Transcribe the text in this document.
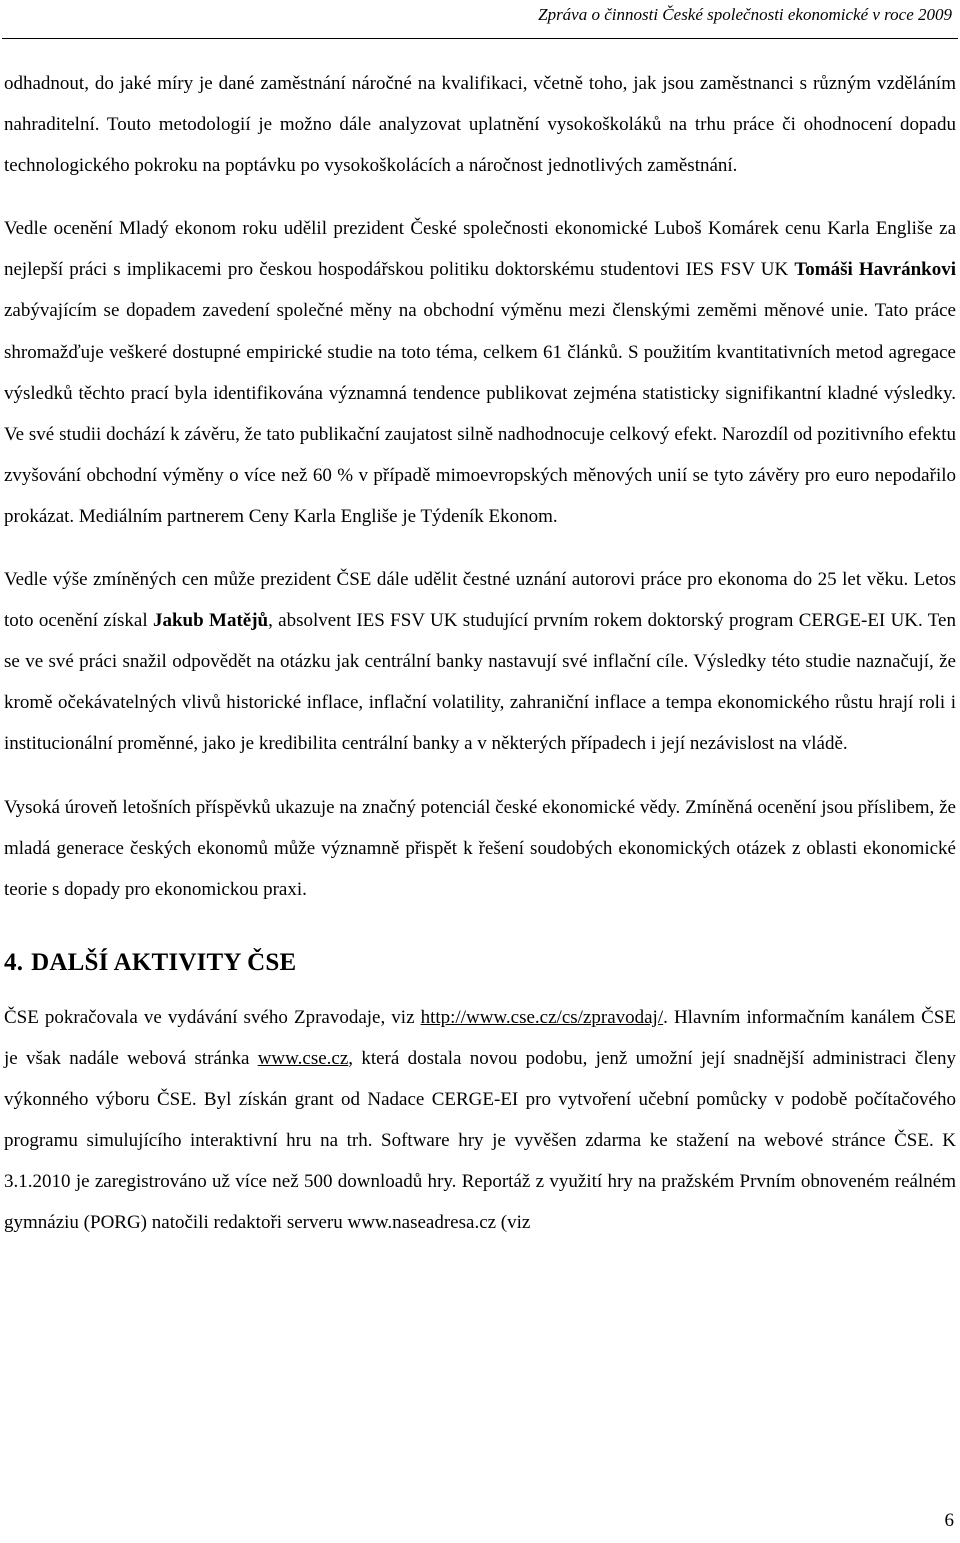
Zpráva o činnosti České společnosti ekonomické v roce 2009

odhadnout, do jaké míry je dané zaměstnání náročné na kvalifikaci, včetně toho, jak jsou zaměstnanci s různým vzděláním nahraditelní. Touto metodologií je možno dále analyzovat uplatnění vysokoškoláků na trhu práce či ohodnocení dopadu technologického pokroku na poptávku po vysokoškolácích a náročnost jednotlivých zaměstnání.

Vedle ocenění Mladý ekonom roku udělil prezident České společnosti ekonomické Luboš Komárek cenu Karla Engliše za nejlepší práci s implikacemi pro českou hospodářskou politiku doktorskému studentovi IES FSV UK Tomáši Havránkovi zabývajícím se dopadem zavedení společné měny na obchodní výměnu mezi členskými zeměmi měnové unie. Tato práce shromažďuje veškeré dostupné empirické studie na toto téma, celkem 61 článků. S použitím kvantitativních metod agregace výsledků těchto prací byla identifikována významná tendence publikovat zejména statisticky signifikantní kladné výsledky. Ve své studii dochází k závěru, že tato publikační zaujatost silně nadhodnocuje celkový efekt. Narozdíl od pozitivního efektu zvyšování obchodní výměny o více než 60 % v případě mimoevropských měnových unií se tyto závěry pro euro nepodařilo prokázat. Mediálním partnerem Ceny Karla Engliše je Týdeník Ekonom.

Vedle výše zmíněných cen může prezident ČSE dále udělit čestné uznání autorovi práce pro ekonoma do 25 let věku. Letos toto ocenění získal Jakub Matějů, absolvent IES FSV UK studující prvním rokem doktorský program CERGE-EI UK. Ten se ve své práci snažil odpovědět na otázku jak centrální banky nastavují své inflační cíle. Výsledky této studie naznačují, že kromě očekávatelných vlivů historické inflace, inflační volatility, zahraniční inflace a tempa ekonomického růstu hrají roli i institucionální proměnné, jako je kredibilita centrální banky a v některých případech i její nezávislost na vládě.

Vysoká úroveň letošních příspěvků ukazuje na značný potenciál české ekonomické vědy. Zmíněná ocenění jsou příslibem, že mladá generace českých ekonomů může významně přispět k řešení soudobých ekonomických otázek z oblasti ekonomické teorie s dopady pro ekonomickou praxi.

4. DALŠÍ AKTIVITY ČSE

ČSE pokračovala ve vydávání svého Zpravodaje, viz http://www.cse.cz/cs/zpravodaj/. Hlavním informačním kanálem ČSE je však nadále webová stránka www.cse.cz, která dostala novou podobu, jenž umožní její snadnější administraci členy výkonného výboru ČSE. Byl získán grant od Nadace CERGE-EI pro vytvoření učební pomůcky v podobě počítačového programu simulujícího interaktivní hru na trh. Software hry je vyvěšen zdarma ke stažení na webové stránce ČSE. K 3.1.2010 je zaregistrováno už více než 500 downloadů hry. Reportáž z využití hry na pražském Prvním obnoveném reálném gymnáziu (PORG) natočili redaktoři serveru www.naseadresa.cz (viz

6
